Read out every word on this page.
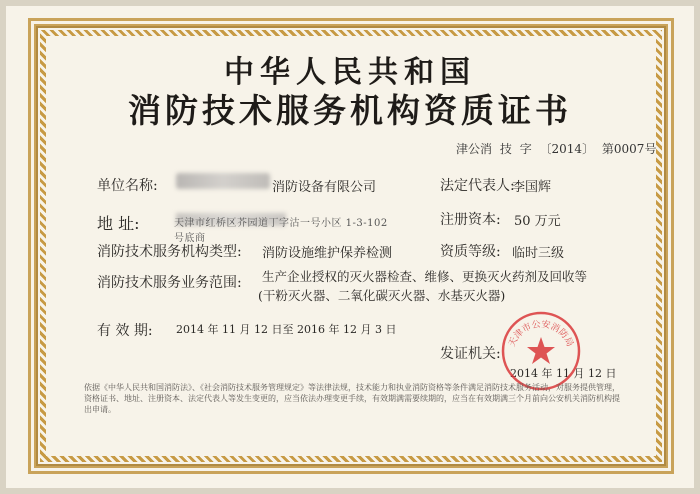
中华人民共和国
消防技术服务机构资质证书
津公消 技 字 〔2014〕 第0007号
单位名称:	消防设备有限公司	法定代表人:
李国辉
地 址:	天津市红桥区芥园道丁字沽一号小区 1-3-102
号底商
注册资本: 50 万元
消防技术服务机构类型: 消防设施维护保养检测	资质等级: 临时三级
消防技术服务业务范围: 生产企业授权的灭火器检查、维修、更换灭火药剂及回收等
(干粉灭火器、二氧化碳灭火器、水基灭火器)
有 效 期: 2014 年 11 月 12 日至 2016 年 12 月 3 日
发证机关:
2014 年 11 月 12 日
天津市公安消防局
依据《中华人民共和国消防法》、《社会消防技术服务管理规定》等法律法规，技术能力和执业消防资格等条件满足消防技术服务活动，对服务提供管理，资格证书、地址、注册资本、法定代表人等发生变更的，应当依法办理变更手续，有效期满需要续期的，应当在有效期满三个月前向公安机关消防机构提出申请。
